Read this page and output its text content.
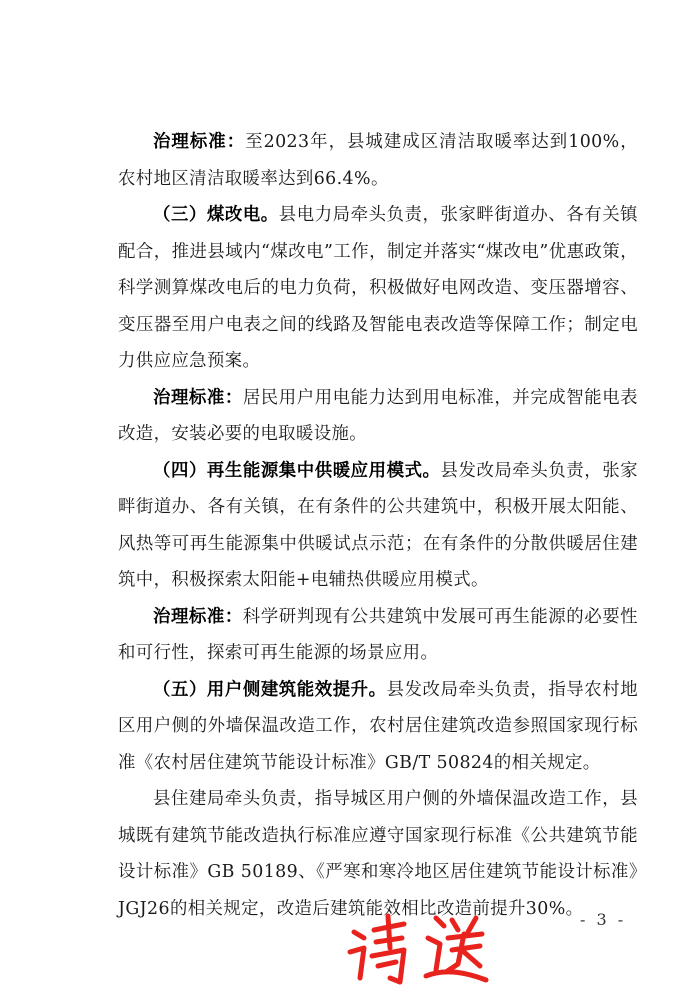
治理标准：至2023年，县城建成区清洁取暖率达到100%，农村地区清洁取暖率达到66.4%。

（三）煤改电。县电力局牵头负责，张家畔街道办、各有关镇配合，推进县域内“煤改电”工作，制定并落实“煤改电”优惠政策，科学测算煤改电后的电力负荷，积极做好电网改造、变压器增容、变压器至用户电表之间的线路及智能电表改造等保障工作；制定电力供应应急预案。

治理标准：居民用户用电能力达到用电标准，并完成智能电表改造，安装必要的电取暖设施。

（四）再生能源集中供暖应用模式。县发改局牵头负责，张家畔街道办、各有关镇，在有条件的公共建筑中，积极开展太阳能、风热等可再生能源集中供暖试点示范；在有条件的分散供暖居住建筑中，积极探索太阳能+电辅热供暖应用模式。

治理标准：科学研判现有公共建筑中发展可再生能源的必要性和可行性，探索可再生能源的场景应用。

（五）用户侧建筑能效提升。县发改局牵头负责，指导农村地区用户侧的外墙保温改造工作，农村居住建筑改造参照国家现行标准《农村居住建筑节能设计标准》GB/T 50824的相关规定。

县住建局牵头负责，指导城区用户侧的外墙保温改造工作，县城既有建筑节能改造执行标准应遵守国家现行标准《公共建筑节能设计标准》GB 50189、《严寒和寒冷地区居住建筑节能设计标准》JGJ26的相关规定，改造后建筑能效相比改造前提升30%。

- 3 -
